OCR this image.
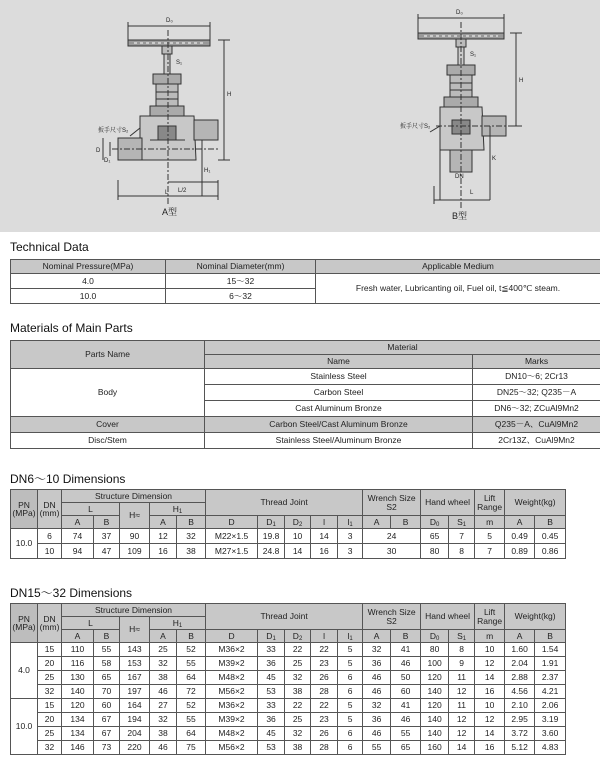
D₀
S₁
H
H₁
L/2
L
D
D₁
扳手尺寸S₂
A型
D₀
S₁
H
K
DN
L
扳手尺寸S₂
B型
Technical Data
Nominal Pressure(MPa)	Nominal Diameter(mm)	Applicable Medium
4.0	15～32	Fresh water, Lubricanting oil, Fuel oil, t≦400℃ steam.
10.0	6～32	
Materials of Main Parts
Parts Name	Material	
	Name	Marks
Body	Stainless Steel	DN10～6; 2Cr13
	Carbon Steel	DN25～32; Q235－A
	Cast Aluminum Bronze	DN6～32; ZCuAl9Mn2
Cover	Carbon Steel/Cast Aluminum Bronze	Q235－A、CuAl9Mn2
Disc/Stem	Stainless Steel/Aluminum Bronze	2Cr13Z、CuAl9Mn2
DN6～10 Dimensions
PN
(MPa)	DN
(mm)	Structure Dimension					Thread Joint					Wrench Size
S2		Hand wheel		Lift
Range	Weight(kg)	
		L		H≈	$H_1$
		A	B		A	B	D	$D_1$	$D_2$	l	$l_1$	A	B	$D_0$	$S_1$	m	A	B
10.0	6	74	37	90	12	32	M22×1.5	19.8	10	14	3	24		65	7	5	0.49	0.45
	10	94	47	109	16	38	M27×1.5	24.8	14	16	3	30		80	8	7	0.89	0.86
DN15～32 Dimensions
PN
(MPa)	DN
(mm)	Structure Dimension					Thread Joint					Wrench Size
S2		Hand wheel		Lift
Range	Weight(kg)	
		L		H≈	$H_1$
		A	B		A	B	D	$D_1$	$D_2$	l	$l_1$	A	B	$D_0$	$S_1$	m	A	B
4.0	15	110	55	143	25	52	M36×2	33	22	22	5	32	41	80	8	10	1.60	1.54
	20	116	58	153	32	55	M39×2	36	25	23	5	36	46	100	9	12	2.04	1.91
	25	130	65	167	38	64	M48×2	45	32	26	6	46	50	120	11	14	2.88	2.37
	32	140	70	197	46	72	M56×2	53	38	28	6	46	60	140	12	16	4.56	4.21
10.0	15	120	60	164	27	52	M36×2	33	22	22	5	32	41	120	11	10	2.10	2.06
	20	134	67	194	32	55	M39×2	36	25	23	5	36	46	140	12	12	2.95	3.19
	25	134	67	204	38	64	M48×2	45	32	26	6	46	55	140	12	14	3.72	3.60
	32	146	73	220	46	75	M56×2	53	38	28	6	55	65	160	14	16	5.12	4.83
